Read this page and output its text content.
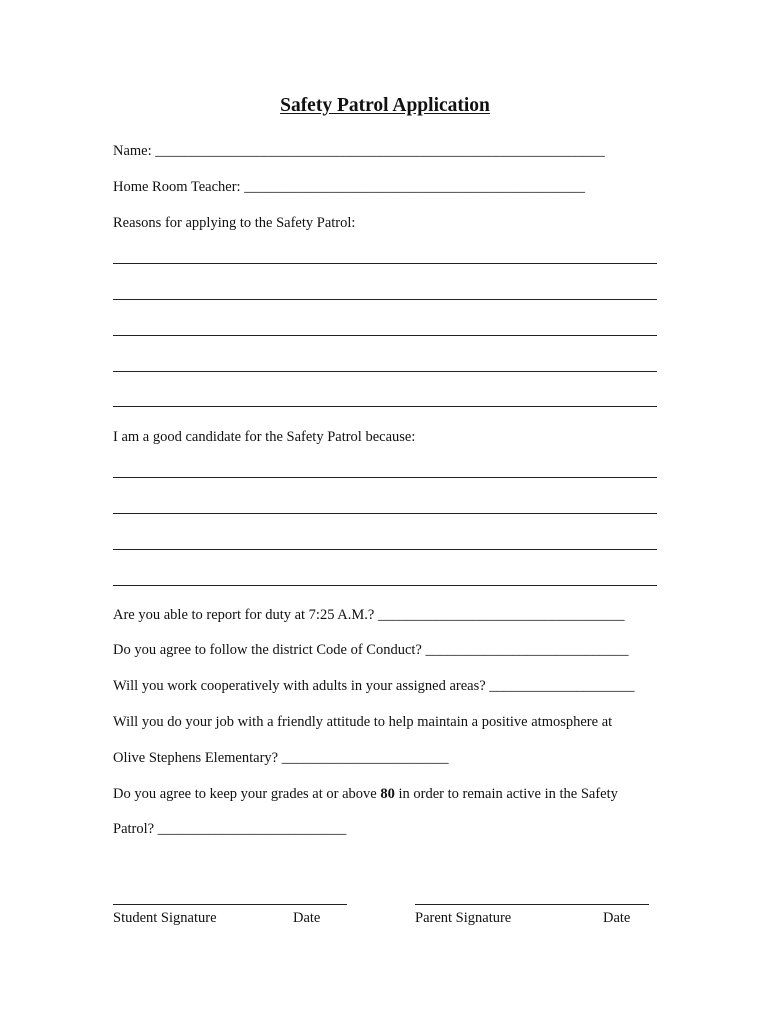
Safety Patrol Application
Name: ______________________________________________________________
Home Room Teacher: _______________________________________________
Reasons for applying to the Safety Patrol:
I am a good candidate for the Safety Patrol because:
Are you able to report for duty at 7:25 A.M.? __________________________________
Do you agree to follow the district Code of Conduct? ____________________________
Will you work cooperatively with adults in your assigned areas? ____________________
Will you do your job with a friendly attitude to help maintain a positive atmosphere at
Olive Stephens Elementary? _______________________
Do you agree to keep your grades at or above 80 in order to remain active in the Safety
Patrol? __________________________
Student Signature	Date	Parent Signature	Date
